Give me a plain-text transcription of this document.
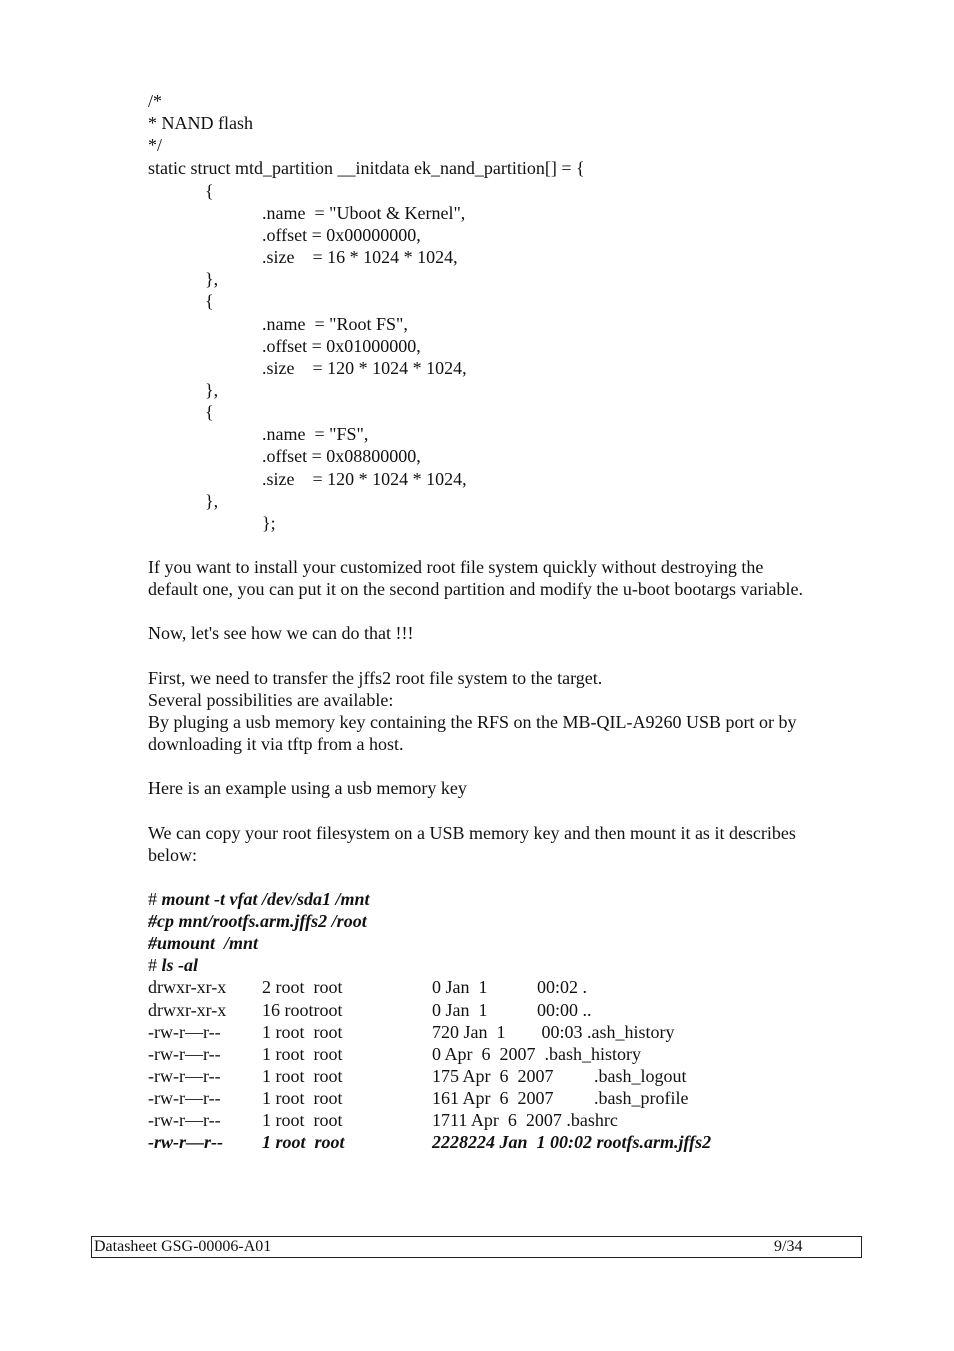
/*
* NAND flash
*/
static struct mtd_partition __initdata ek_nand_partition[] = {
{
.name  = "Uboot & Kernel",
.offset = 0x00000000,
.size    = 16 * 1024 * 1024,
},
{
.name  = "Root FS",
.offset = 0x01000000,
.size    = 120 * 1024 * 1024,
},
{
.name  = "FS",
.offset = 0x08800000,
.size    = 120 * 1024 * 1024,
},
};
If you want to install your customized root file system quickly without destroying the
default one, you can put it on the second partition and modify the u-boot bootargs variable.
Now, let's see how we can do that !!!
First, we need to transfer the jffs2 root file system to the target.
Several possibilities are available:
By pluging a usb memory key containing the RFS on the MB-QIL-A9260 USB port or by
downloading it via tftp from a host.
Here is an example using a usb memory key
We can copy your root filesystem on a USB memory key and then mount it as it describes
below:
# mount -t vfat /dev/sda1 /mnt
#cp mnt/rootfs.arm.jffs2 /root
#umount  /mnt
# ls -al
drwxr-xr-x 2 root  root	0 Jan  1           00:02 .
drwxr-xr-x 16 rootroot	0 Jan  1           00:00 ..
-rw-r—r-- 1 root  root	720 Jan  1        00:03 .ash_history
-rw-r—r-- 1 root  root	0 Apr  6  2007  .bash_history
-rw-r—r-- 1 root  root	175 Apr  6  2007         .bash_logout
-rw-r—r-- 1 root  root	161 Apr  6  2007         .bash_profile
-rw-r—r-- 1 root  root	1711 Apr  6  2007 .bashrc
-rw-r—r-- 1 root  root	2228224 Jan  1 00:02 rootfs.arm.jffs2
Datasheet GSG-00006-A01	9/34
